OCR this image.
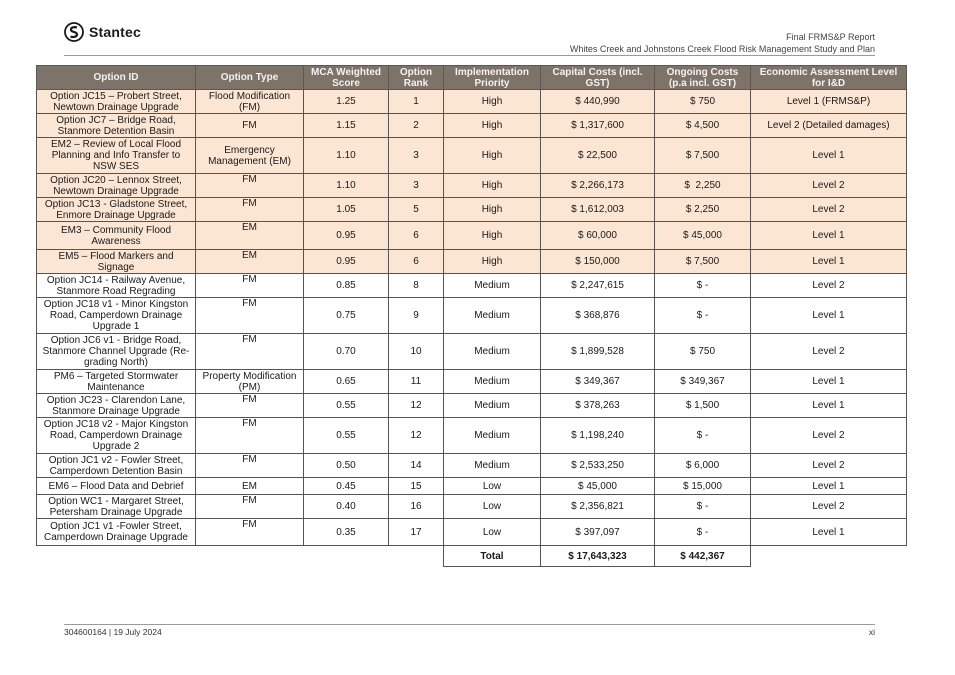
Stantec	Final FRMS&P Report
Whites Creek and Johnstons Creek Flood Risk Management Study and Plan
Option ID	Option Type	MCA Weighted Score	Option Rank	Implementation Priority	Capital Costs (incl. GST)	Ongoing Costs (p.a incl. GST)	Economic Assessment Level for I&D
Option JC15 – Probert Street, Newtown Drainage Upgrade	Flood Modification (FM)	1.25	1	High	$ 440,990	$ 750	Level 1 (FRMS&P)
Option JC7 – Bridge Road, Stanmore Detention Basin	FM	1.15	2	High	$ 1,317,600	$ 4,500	Level 2 (Detailed damages)
EM2 – Review of Local Flood Planning and Info Transfer to NSW SES	Emergency Management (EM)	1.10	3	High	$ 22,500	$ 7,500	Level 1
Option JC20 – Lennox Street, Newtown Drainage Upgrade	FM	1.10	3	High	$ 2,266,173	$  2,250	Level 2
Option JC13 - Gladstone Street, Enmore Drainage Upgrade	FM	1.05	5	High	$ 1,612,003	$ 2,250	Level 2
EM3 – Community Flood Awareness	EM	0.95	6	High	$ 60,000	$ 45,000	Level 1
EM5 – Flood Markers and Signage	EM	0.95	6	High	$ 150,000	$ 7,500	Level 1
Option JC14 - Railway Avenue, Stanmore Road Regrading	FM	0.85	8	Medium	$ 2,247,615	$ -	Level 2
Option JC18 v1 - Minor Kingston Road, Camperdown Drainage Upgrade 1	FM	0.75	9	Medium	$ 368,876	$ -	Level 1
Option JC6 v1 - Bridge Road, Stanmore Channel Upgrade (Re-grading North)	FM	0.70	10	Medium	$ 1,899,528	$ 750	Level 2
PM6 – Targeted Stormwater Maintenance	Property Modification (PM)	0.65	11	Medium	$ 349,367	$ 349,367	Level 1
Option JC23 - Clarendon Lane, Stanmore Drainage Upgrade	FM	0.55	12	Medium	$ 378,263	$ 1,500	Level 1
Option JC18 v2 - Major Kingston Road, Camperdown Drainage Upgrade 2	FM	0.55	12	Medium	$ 1,198,240	$ -	Level 2
Option JC1 v2 - Fowler Street, Camperdown Detention Basin	FM	0.50	14	Medium	$ 2,533,250	$ 6,000	Level 2
EM6 – Flood Data and Debrief	EM	0.45	15	Low	$ 45,000	$ 15,000	Level 1
Option WC1 - Margaret Street, Petersham Drainage Upgrade	FM	0.40	16	Low	$ 2,356,821	$ -	Level 2
Option JC1 v1 -Fowler Street, Camperdown Drainage Upgrade	FM	0.35	17	Low	$ 397,097	$ -	Level 1
				Total	$ 17,643,323	$ 442,367	
304600164 | 19 July 2024	xi
